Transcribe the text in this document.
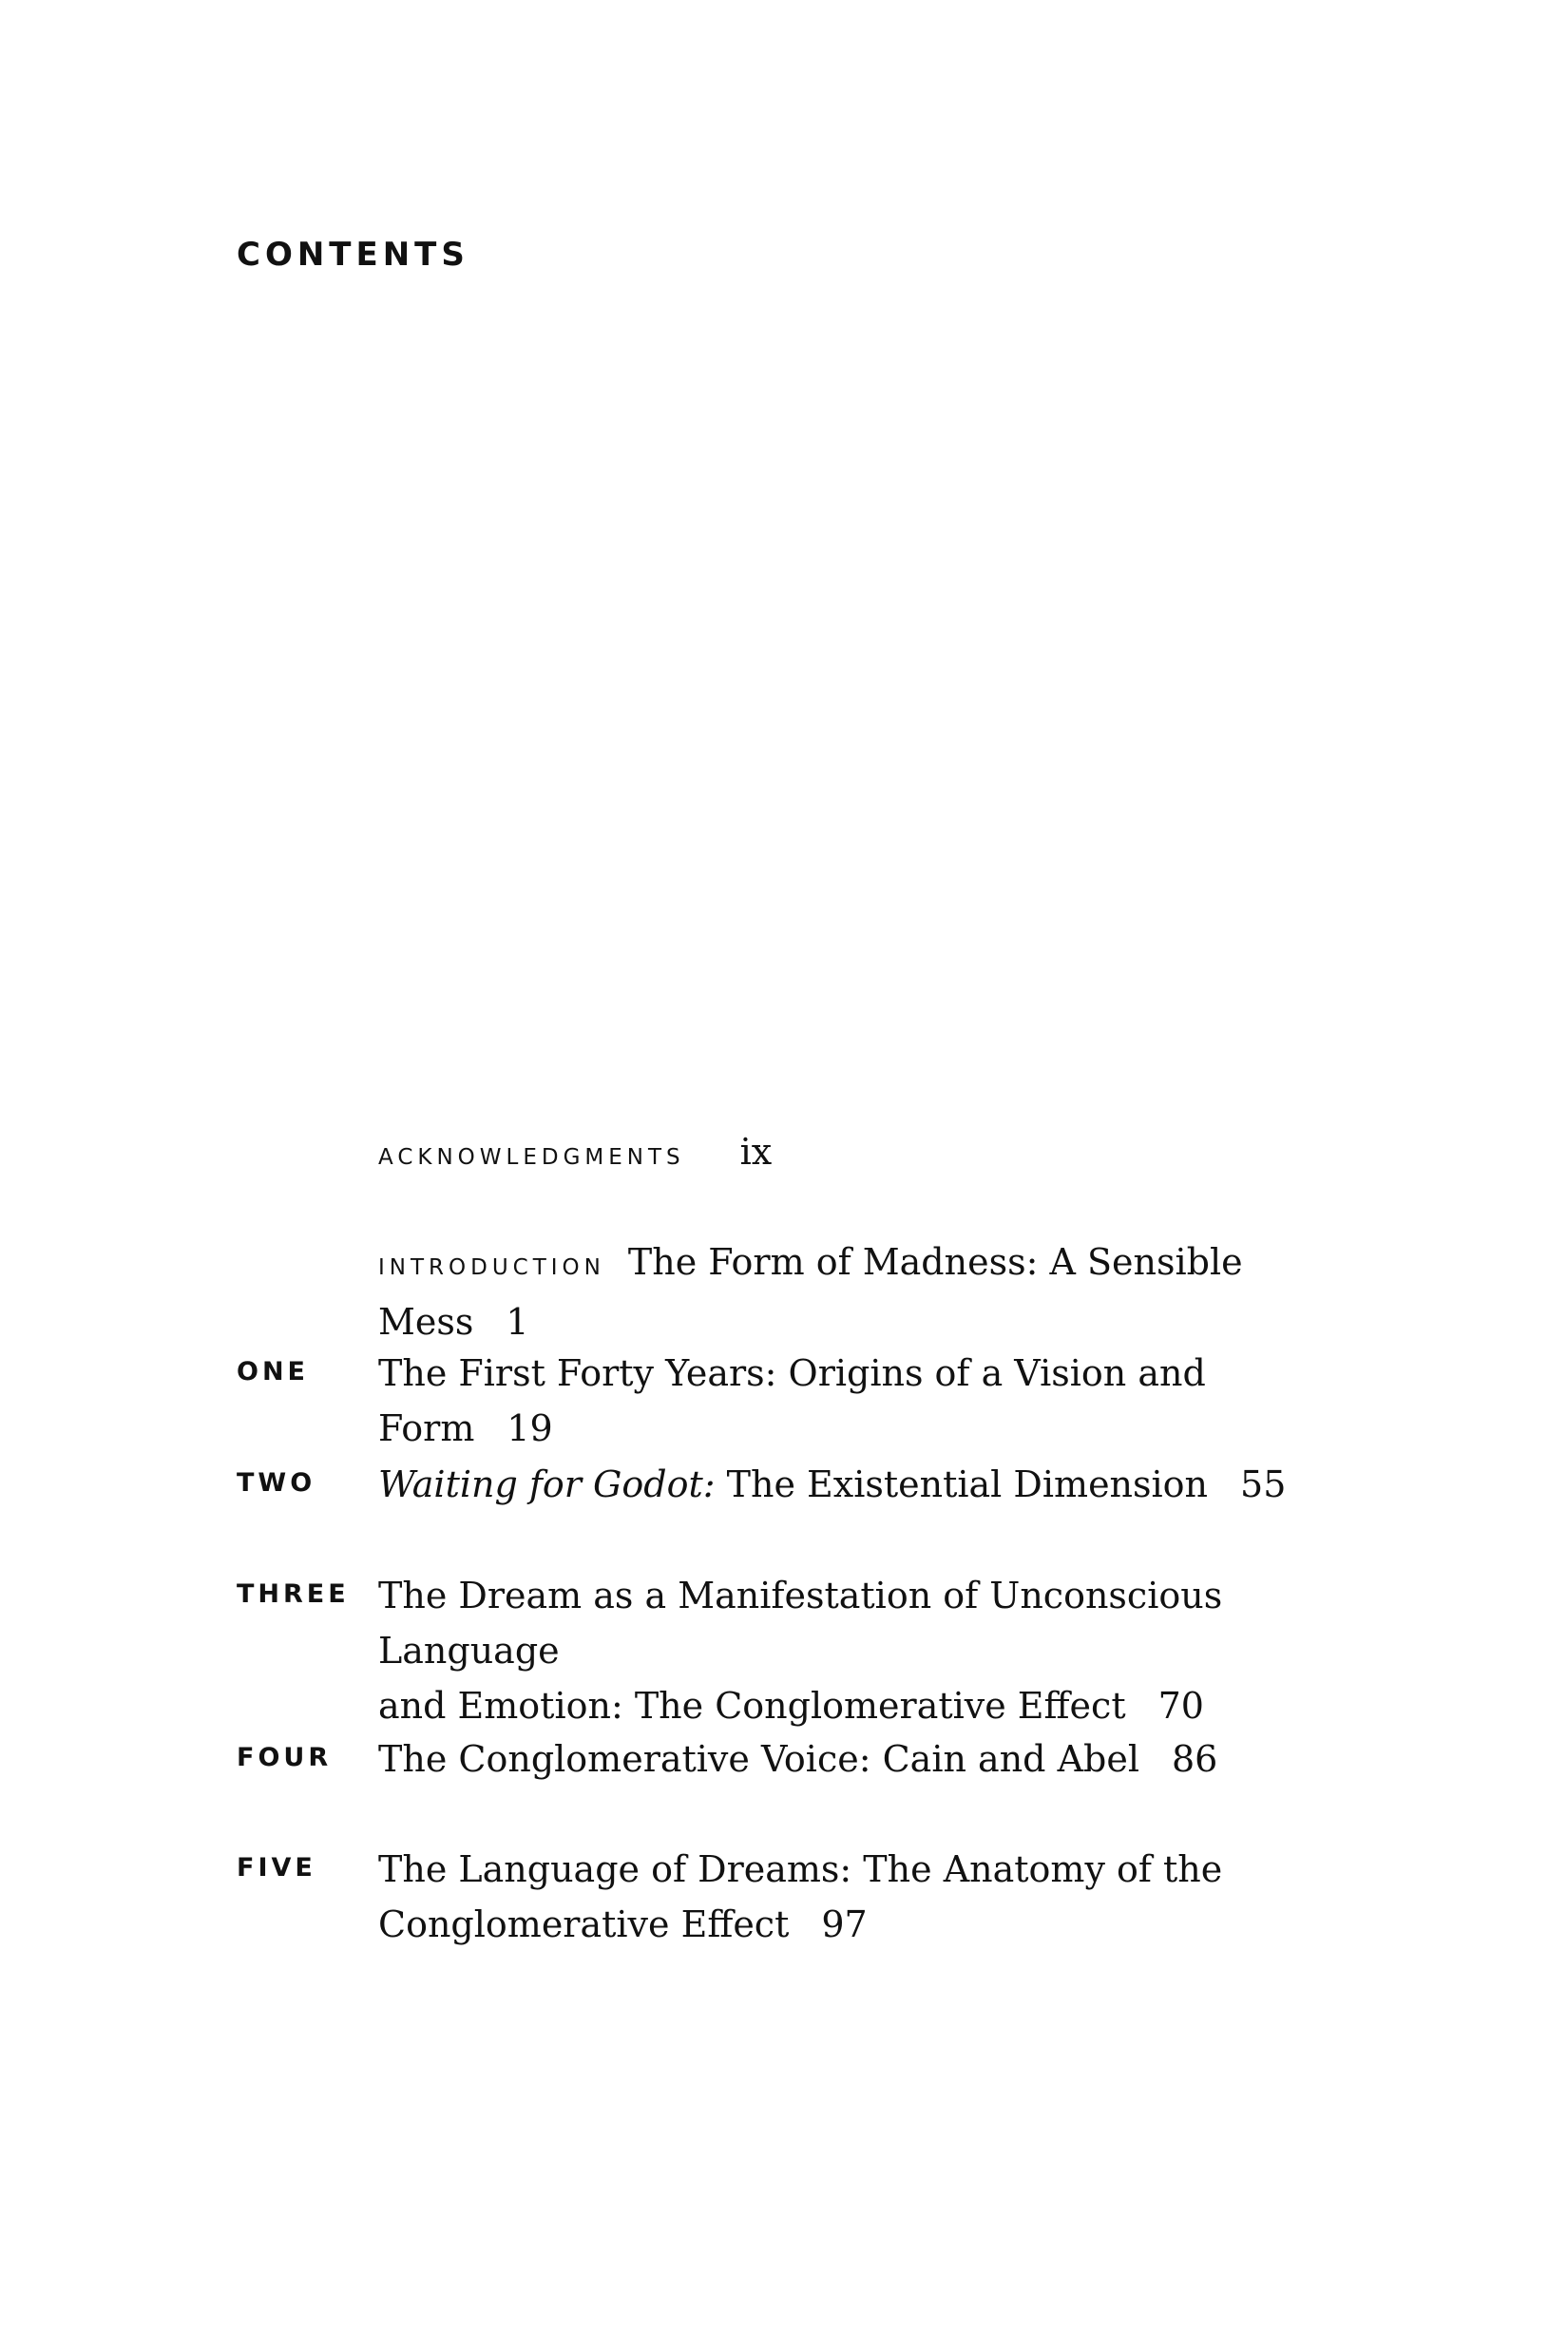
CONTENTS
ACKNOWLEDGMENTS ix
INTRODUCTION The Form of Madness: A Sensible Mess 1
ONE The First Forty Years: Origins of a Vision and Form 19
TWO Waiting for Godot: The Existential Dimension 55
THREE The Dream as a Manifestation of Unconscious Language
and Emotion: The Conglomerative Effect 70
FOUR The Conglomerative Voice: Cain and Abel 86
FIVE The Language of Dreams: The Anatomy of the
Conglomerative Effect 97
